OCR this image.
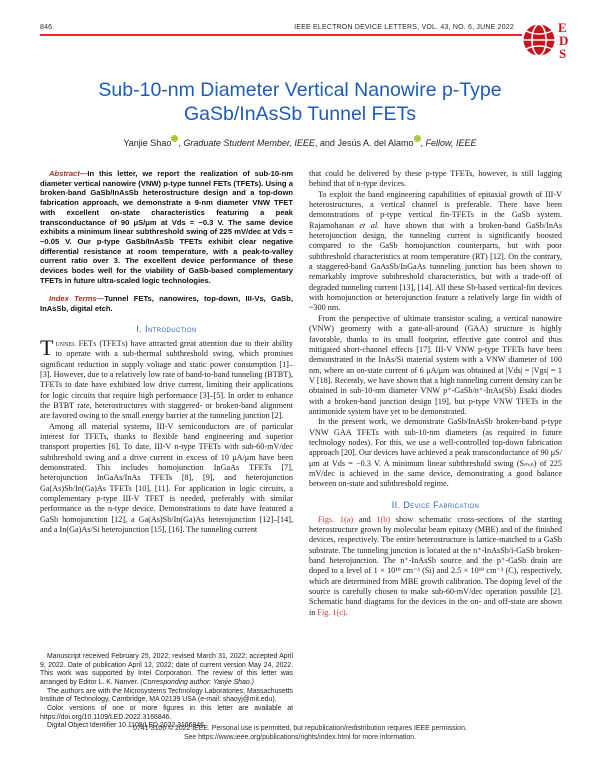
846	IEEE ELECTRON DEVICE LETTERS, VOL. 43, NO. 6, JUNE 2022	E
D
S
Sub-10-nm Diameter Vertical Nanowire p-Type
GaSb/InAsSb Tunnel FETs
Yanjie Shao , Graduate Student Member, IEEE, and Jesús A. del Alamo , Fellow, IEEE

Abstract—In this letter, we report the realization of sub-10-nm diameter vertical nanowire (VNW) p-type tunnel FETs (TFETs). Using a broken-band GaSb/InAsSb heterostructure design and a top-down fabrication approach, we demonstrate a 9-nm diameter VNW TFET with excellent on-state characteristics featuring a peak transconductance of 90 μS/μm at Vds = −0.3 V. The same device exhibits a minimum linear subthreshold swing of 225 mV/dec at Vds = −0.05 V. Our p-type GaSb/InAsSb TFETs exhibit clear negative differential resistance at room temperature, with a peak-to-valley current ratio over 3. The excellent device performance of these devices bodes well for the viability of GaSb-based complementary TFETs in future ultra-scaled logic technologies.

Index Terms—Tunnel FETs, nanowires, top-down, III-Vs, GaSb, InAsSb, digital etch.

I. Introduction

Tunnel FETs (TFETs) have attracted great attention due to their ability to operate with a sub-thermal subthreshold swing, which promises significant reduction in supply voltage and static power consumption [1]–[3]. However, due to a relatively low rate of band-to-band tunneling (BTBT), TFETs to date have exhibited low drive current, limiting their applications for logic circuits that require high performance [3]–[5]. In order to enhance the BTBT rate, heterostructures with staggered- or broken-band alignment are favored owing to the small energy barrier at the tunneling junction [2].

Among all material systems, III-V semiconductors are of particular interest for TFETs, thanks to flexible band engineering and superior transport properties [6]. To date, III-V n-type TFETs with sub-60-mV/dec subthreshold swing and a drive current in excess of 10 μA/μm have been demonstrated. This includes homojunction InGaAs TFETs [7], heterojunction InGaAs/InAs TFETs [8], [9], and heterojunction Ga(As)Sb/In(Ga)As TFETs [10], [11]. For application in logic circuits, a complementary p-type III-V TFET is needed, preferably with similar performance as the n-type device. Demonstrations to date have featured a GaSb homojunction [12], a Ga(As)Sb/In(Ga)As heterojunction [12]–[14], and a In(Ga)As/Si heterojunction [15], [16]. The tunneling current

Manuscript received February 25, 2022; revised March 31, 2022; accepted April 9, 2022. Date of publication April 12, 2022; date of current version May 24, 2022. This work was supported by Intel Corporation. The review of this letter was arranged by Editor L. K. Nanver. (Corresponding author: Yanjie Shao.)

The authors are with the Microsystems Technology Laboratories, Massachusetts Institute of Technology, Cambridge, MA 02139 USA (e-mail: shaoyj@mit.edu).

Color versions of one or more figures in this letter are available at https://doi.org/10.1109/LED.2022.3166846.

Digital Object Identifier 10.1109/LED.2022.3166846

that could be delivered by these p-type TFETs, however, is still lagging behind that of n-type devices.

To exploit the band engineering capabilities of epitaxial growth of III-V heterostructures, a vertical channel is preferable. There have been demonstrations of p-type vertical fin-TFETs in the GaSb system. Rajamohanan et al. have shown that with a broken-band GaSb/InAs heterojunction design, the tunneling current is significantly boosted compared to the GaSb homojunction counterparts, but with poor subthreshold characteristics at room temperature (RT) [12]. On the contrary, a staggered-band GaAsSb/InGaAs tunneling junction has been shown to remarkably improve subthreshold characteristics, but with a trade-off of degraded tunneling current [13], [14]. All these Sb-based vertical-fin devices with homojunction or heterojunction feature a relatively large fin width of ~300 nm.

From the perspective of ultimate transistor scaling, a vertical nanowire (VNW) geometry with a gate-all-around (GAA) structure is highly favorable, thanks to its small footprint, effective gate control and thus mitigated short-channel effects [17]. III-V VNW p-type TFETs have been demonstrated in the InAs/Si material system with a VNW diameter of 100 nm, where an on-state current of 6 μA/μm was obtained at |Vds| = |Vgs| = 1 V [18]. Recently, we have shown that a high tunneling current density can be obtained in sub-10-nm diameter VNW p⁺-GaSb/n⁺-InAs(Sb) Esaki diodes with a broken-band junction design [19], but p-type VNW TFETs in the antimonide system have yet to be demonstrated.

In the present work, we demonstrate GaSb/InAsSb broken-band p-type VNW GAA TFETs with sub-10-nm diameters (as required in future technology nodes). For this, we use a well-controlled top-down fabrication approach [20]. Our devices have achieved a peak transconductance of 90 μS/μm at Vds = −0.3 V. A minimum linear subthreshold swing (Sₘᵢₙ) of 225 mV/dec is achieved in the same device, demonstrating a good balance between on-state and subthreshold regime.

II. Device Fabrication

Figs. 1(a) and 1(b) show schematic cross-sections of the starting heterostructure grown by molecular beam epitaxy (MBE) and of the finished devices, respectively. The entire heterostructure is lattice-matched to a GaSb substrate. The tunneling junction is located at the n⁺-InAsSb/i-GaSb broken-band heterojunction. The n⁺-InAsSb source and the p⁺-GaSb drain are doped to a level of 1 × 10¹⁹ cm⁻³ (Si) and 2.5 × 10¹⁹ cm⁻³ (C), respectively, which are determined from MBE growth calibration. The doping level of the source is carefully chosen to make sub-60-mV/dec operation possible [2]. Schematic band diagrams for the devices in the on- and off-state are shown in Fig. 1(c).

0741-3106 © 2022 IEEE. Personal use is permitted, but republication/redistribution requires IEEE permission.
See https://www.ieee.org/publications/rights/index.html for more information.
